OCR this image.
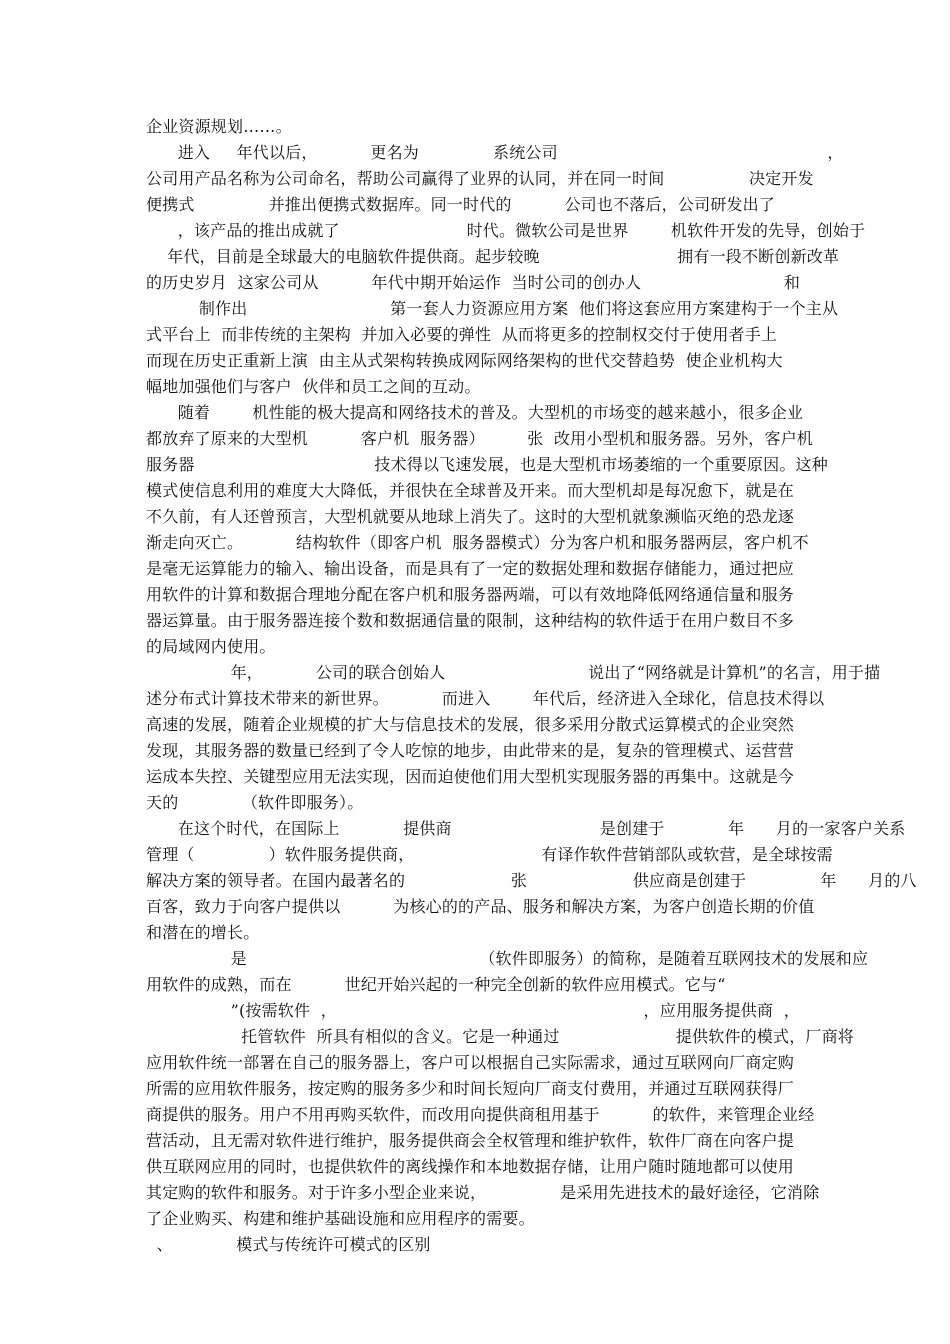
企业资源规划……。
进入     年代以后，          更名为              系统公司                                                   ，
公司用产品名称为公司命名，帮助公司赢得了业界的认同，并在同一时间                决定开发
便携式              并推出便携式数据库。同一时代的          公司也不落后，公司研发出了
，该产品的推出成就了                        时代。微软公司是世界        机软件开发的先导，创始于
年代，目前是全球最大的电脑软件提供商。起步较晚                          拥有一段不断创新改革
的历史岁月  这家公司从          年代中期开始运作  当时公司的创办人                           和
制作出                           第一套人力资源应用方案  他们将这套应用方案建构于一个主从
式平台上  而非传统的主架构  并加入必要的弹性  从而将更多的控制权交付于使用者手上
而现在历史正重新上演  由主从式架构转换成网际网络架构的世代交替趋势  使企业机构大
幅地加强他们与客户  伙伴和员工之间的互动。
随着        机性能的极大提高和网络技术的普及。大型机的市场变的越来越小，很多企业
都放弃了原来的大型机          客户机  服务器）        张  改用小型机和服务器。另外，客户机
服务器                                  技术得以飞速发展，也是大型机市场萎缩的一个重要原因。这种
模式使信息利用的难度大大降低，并很快在全球普及开来。而大型机却是每况愈下，就是在
不久前，有人还曾预言，大型机就要从地球上消失了。这时的大型机就象濒临灭绝的恐龙逐
渐走向灭亡。          结构软件（即客户机  服务器模式）分为客户机和服务器两层，客户机不
是毫无运算能力的输入、输出设备，而是具有了一定的数据处理和数据存储能力，通过把应
用软件的计算和数据合理地分配在客户机和服务器两端，可以有效地降低网络通信量和服务
器运算量。由于服务器连接个数和数据通信量的限制，这种结构的软件适于在用户数目不多
的局域网内使用。
年，          公司的联合创始人                           说出了“网络就是计算机”的名言，用于描
述分布式计算技术带来的新世界。          而进入        年代后，经济进入全球化，信息技术得以
高速的发展，随着企业规模的扩大与信息技术的发展，很多采用分散式运算模式的企业突然
发现，其服务器的数量已经到了令人吃惊的地步，由此带来的是，复杂的管理模式、运营营
运成本失控、关键型应用无法实现，因而迫使他们用大型机实现服务器的再集中。这就是今
天的            （软件即服务）。
在这个时代，在国际上            提供商                            是创建于            年      月的一家客户关系
管理（              ）软件服务提供商，                        有译作软件营销部队或软营，是全球按需
解决方案的领导者。在国内最著名的                    张                    供应商是创建于              年      月的八
百客，致力于向客户提供以          为核心的的产品、服务和解决方案，为客户创造长期的价值
和潜在的增长。
是                                            （软件即服务）的简称，是随着互联网技术的发展和应
用软件的成熟，而在          世纪开始兴起的一种完全创新的软件应用模式。它与“
”(按需软件  ，                                                          ，应用服务提供商  ，
托管软件  所具有相似的含义。它是一种通过                      提供软件的模式，厂商将
应用软件统一部署在自己的服务器上，客户可以根据自己实际需求，通过互联网向厂商定购
所需的应用软件服务，按定购的服务多少和时间长短向厂商支付费用，并通过互联网获得厂
商提供的服务。用户不用再购买软件，而改用向提供商租用基于          的软件，来管理企业经
营活动，且无需对软件进行维护，服务提供商会全权管理和维护软件，软件厂商在向客户提
供互联网应用的同时，也提供软件的离线操作和本地数据存储，让用户随时随地都可以使用
其定购的软件和服务。对于许多小型企业来说，              是采用先进技术的最好途径，它消除
了企业购买、构建和维护基础设施和应用程序的需要。
、            模式与传统许可模式的区别
